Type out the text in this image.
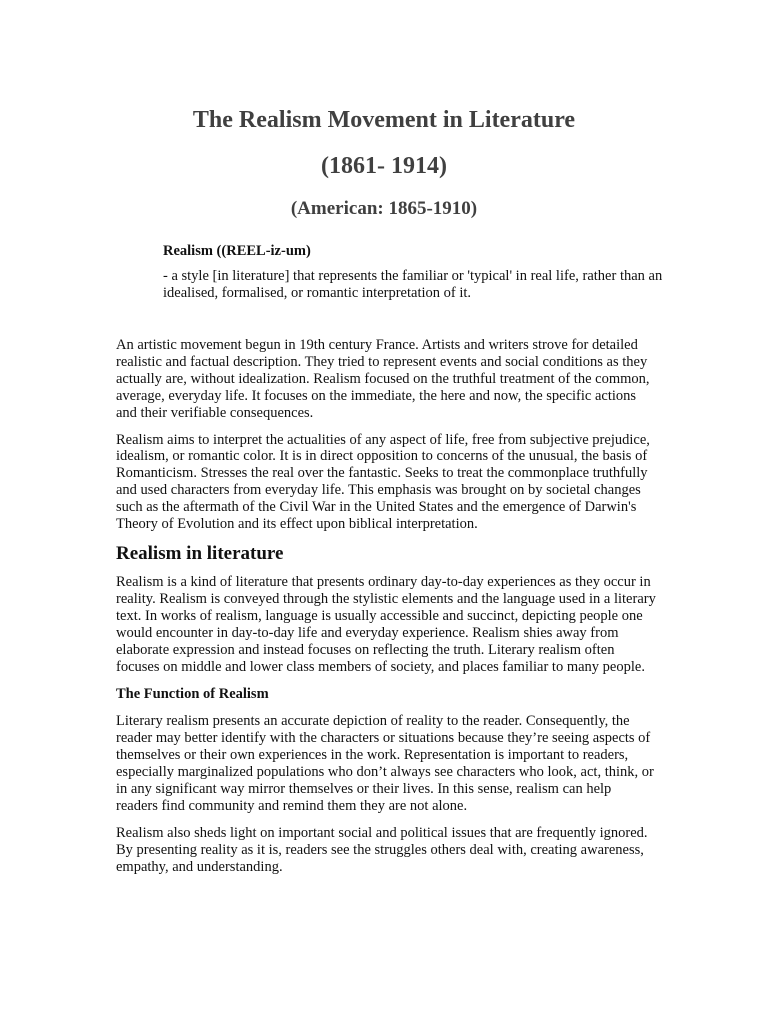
The Realism Movement in Literature
(1861- 1914)
(American: 1865-1910)
Realism ((REEL-iz-um)
- a style [in literature] that represents the familiar or 'typical' in real life, rather than an idealised, formalised, or romantic interpretation of it.

An artistic movement begun in 19th century France. Artists and writers strove for detailed realistic and factual description. They tried to represent events and social conditions as they actually are, without idealization. Realism focused on the truthful treatment of the common, average, everyday life. It focuses on the immediate, the here and now, the specific actions and their verifiable consequences.

Realism aims to interpret the actualities of any aspect of life, free from subjective prejudice, idealism, or romantic color. It is in direct opposition to concerns of the unusual, the basis of Romanticism. Stresses the real over the fantastic. Seeks to treat the commonplace truthfully and used characters from everyday life. This emphasis was brought on by societal changes such as the aftermath of the Civil War in the United States and the emergence of Darwin's Theory of Evolution and its effect upon biblical interpretation.

Realism in literature

Realism is a kind of literature that presents ordinary day-to-day experiences as they occur in reality. Realism is conveyed through the stylistic elements and the language used in a literary text. In works of realism, language is usually accessible and succinct, depicting people one would encounter in day-to-day life and everyday experience. Realism shies away from elaborate expression and instead focuses on reflecting the truth. Literary realism often focuses on middle and lower class members of society, and places familiar to many people.

The Function of Realism

Literary realism presents an accurate depiction of reality to the reader. Consequently, the reader may better identify with the characters or situations because they’re seeing aspects of themselves or their own experiences in the work. Representation is important to readers, especially marginalized populations who don’t always see characters who look, act, think, or in any significant way mirror themselves or their lives. In this sense, realism can help readers find community and remind them they are not alone.

Realism also sheds light on important social and political issues that are frequently ignored. By presenting reality as it is, readers see the struggles others deal with, creating awareness, empathy, and understanding.
